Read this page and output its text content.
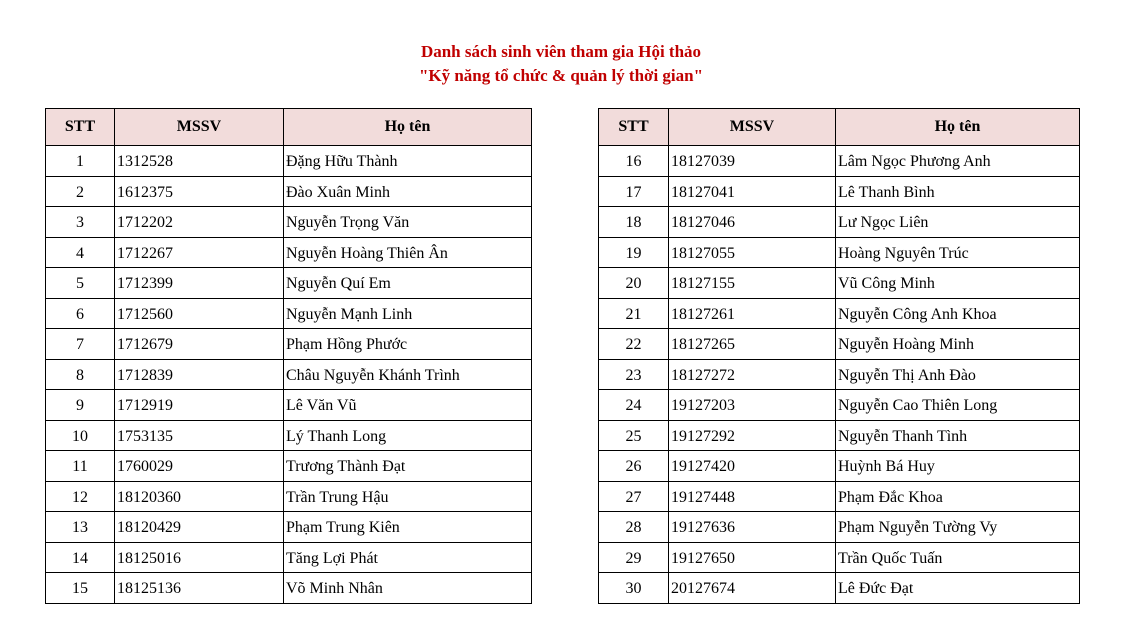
Danh sách sinh viên tham gia Hội thảo
"Kỹ năng tổ chức & quản lý thời gian"
STT	MSSV	Họ tên
1	1312528	Đặng Hữu Thành
2	1612375	Đào Xuân Minh
3	1712202	Nguyễn Trọng Văn
4	1712267	Nguyễn Hoàng Thiên Ân
5	1712399	Nguyễn Quí Em
6	1712560	Nguyễn Mạnh Linh
7	1712679	Phạm Hồng Phước
8	1712839	Châu Nguyễn Khánh Trình
9	1712919	Lê Văn Vũ
10	1753135	Lý Thanh Long
11	1760029	Trương Thành Đạt
12	18120360	Trần Trung Hậu
13	18120429	Phạm Trung Kiên
14	18125016	Tăng Lợi Phát
15	18125136	Võ Minh Nhân
STT	MSSV	Họ tên
16	18127039	Lâm Ngọc Phương Anh
17	18127041	Lê Thanh Bình
18	18127046	Lư Ngọc Liên
19	18127055	Hoàng Nguyên Trúc
20	18127155	Vũ Công Minh
21	18127261	Nguyễn Công Anh Khoa
22	18127265	Nguyễn Hoàng Minh
23	18127272	Nguyễn Thị Anh Đào
24	19127203	Nguyễn Cao Thiên Long
25	19127292	Nguyễn Thanh Tình
26	19127420	Huỳnh Bá Huy
27	19127448	Phạm Đắc Khoa
28	19127636	Phạm Nguyễn Tường Vy
29	19127650	Trần Quốc Tuấn
30	20127674	Lê Đức Đạt
